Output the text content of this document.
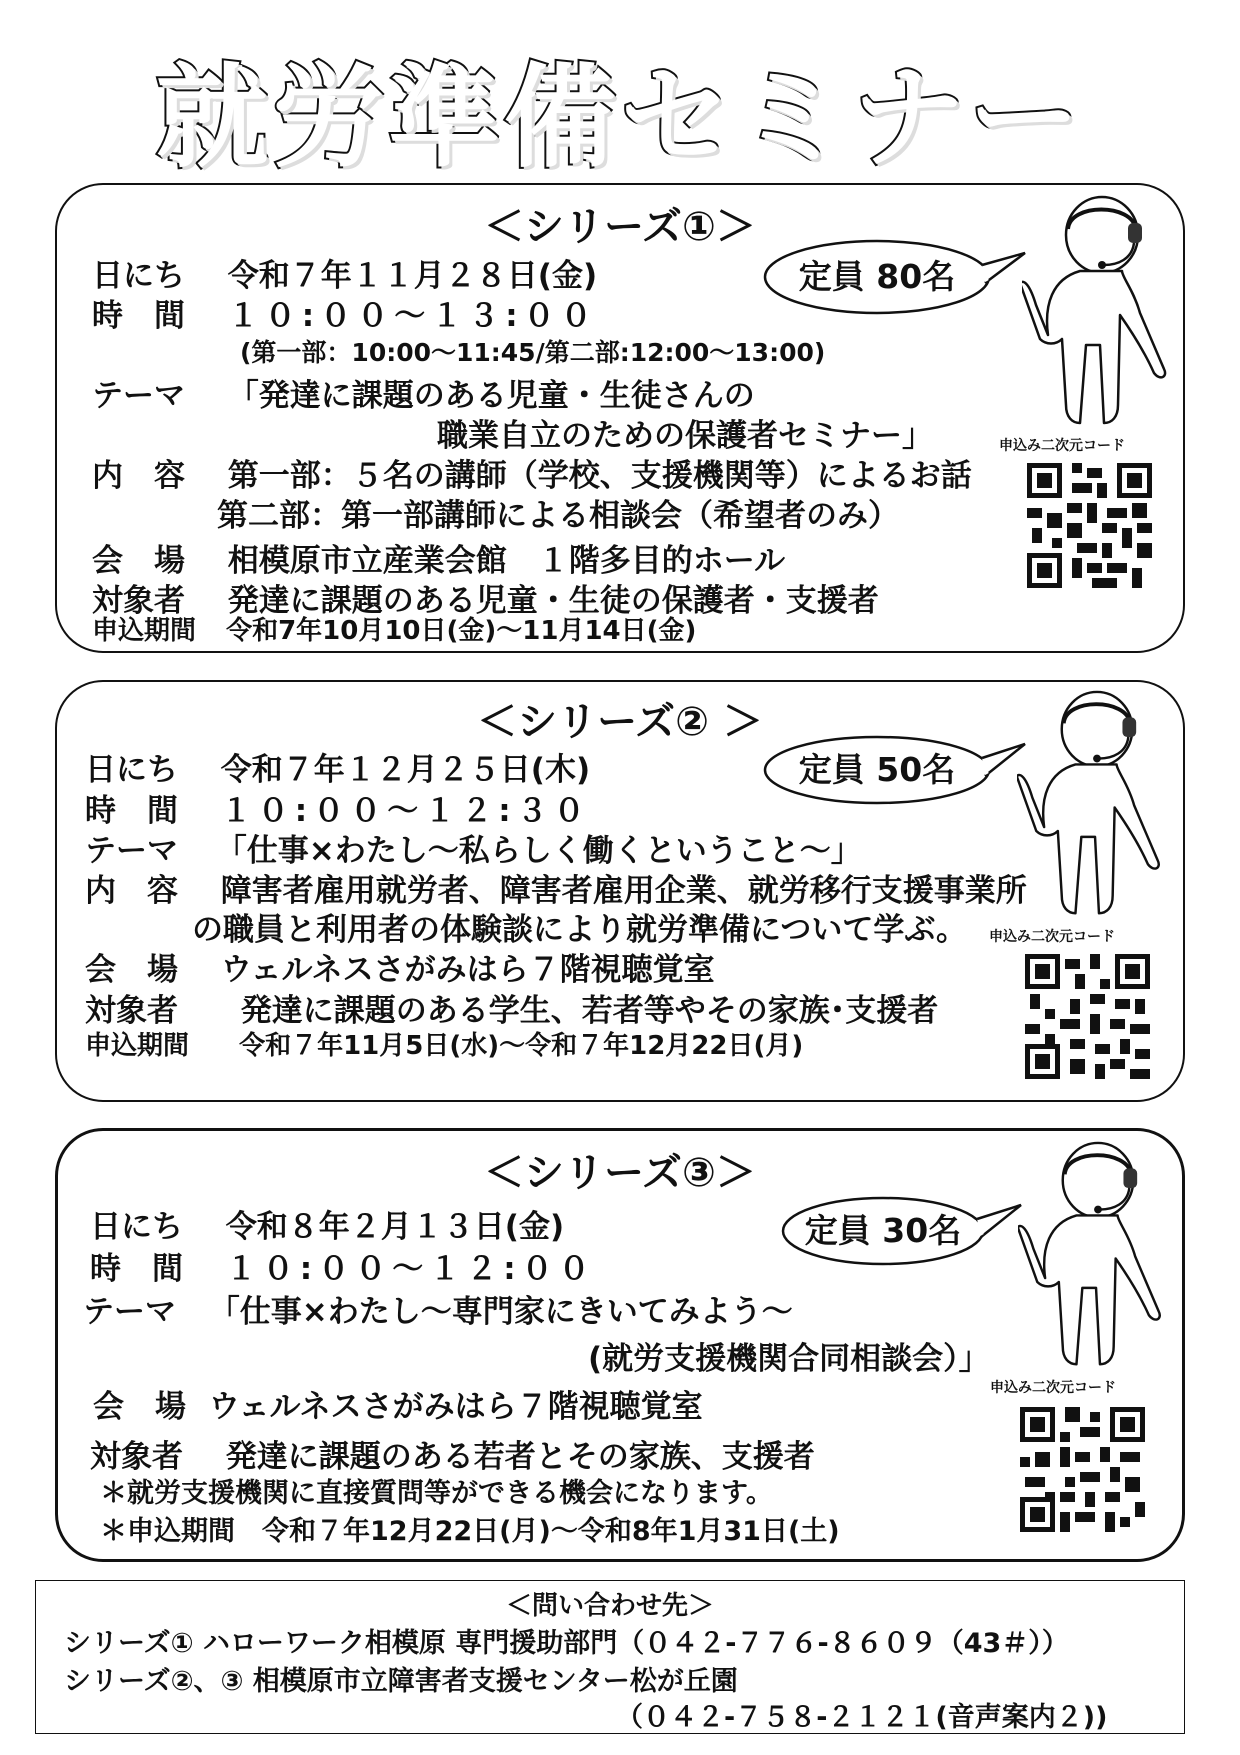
就労準備セミナー
＜シリーズ①＞
日にち 令和７年１１月２８日(金)
時　間 １０:００～１３:００
(第一部：10:00～11:45/第二部:12:00～13:00)
テーマ 「発達に課題のある児童・生徒さんの
職業自立のための保護者セミナー」
内　容 第一部：５名の講師（学校、支援機関等）によるお話
第二部：第一部講師による相談会（希望者のみ）
会　場 相模原市立産業会館　１階多目的ホール
対象者 発達に課題のある児童・生徒の保護者・支援者
申込期間 令和7年10月10日(金)～11月14日(金)
定員 80名
申込み二次元コード
＜シリーズ② ＞
日にち 令和７年１２月２５日(木)
時　間 １０:００～１２:３０
テーマ 「仕事×わたし～私らしく働くということ～」
内　容 障害者雇用就労者、障害者雇用企業、就労移行支援事業所
の職員と利用者の体験談により就労準備について学ぶ。
会　場 ウェルネスさがみはら７階視聴覚室
対象者 発達に課題のある学生、若者等やその家族･支援者
申込期間 令和７年11月5日(水)～令和７年12月22日(月)
定員 50名
申込み二次元コード
＜シリーズ③＞
日にち 令和８年２月１３日(金)
時　間 １０:００～１２:００
テーマ 「仕事×わたし～専門家にきいてみよう～
(就労支援機関合同相談会）」
会　場 ウェルネスさがみはら７階視聴覚室
対象者 発達に課題のある若者とその家族、支援者
＊就労支援機関に直接質問等ができる機会になります。
＊申込期間　令和７年12月22日(月)～令和8年1月31日(土)
定員 30名
申込み二次元コード
＜問い合わせ先＞
シリーズ① ハローワーク相模原 専門援助部門（０４２-７７６-８６０９（43＃））
シリーズ②、③ 相模原市立障害者支援センター松が丘園
（０４２-７５８-２１２１(音声案内２))
